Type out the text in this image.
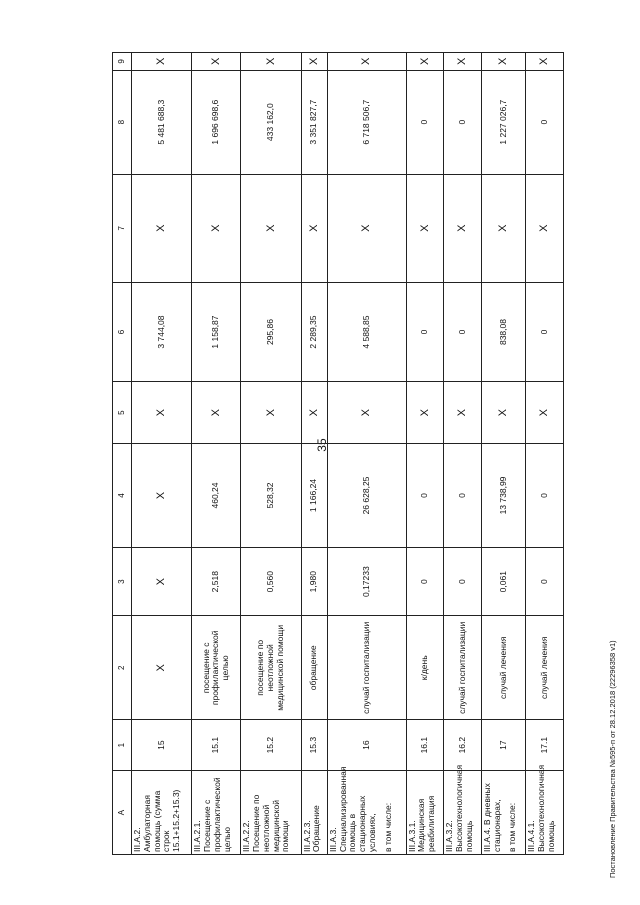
35
А	1	2	3	4	5	6	7	8	9
III.А.2. Амбулаторная помощь (сумма строк 15.1+15.2+15.3)	15	Х	Х	Х	Х	3 744,08	Х	5 481 688,3	Х
III.А.2.1. Посещение с профилактической целью	15.1	посещение с профилактической целью	2,518	460,24	Х	1 158,87	Х	1 696 698,6	Х
III.А.2.2. Посещение по неотложной медицинской помощи	15.2	посещение по неотложной медицинской помощи	0,560	528,32	Х	295,86	Х	433 162,0	Х
III.А.2.3. Обращение	15.3	обращение	1,980	1 166,24	Х	2 289,35	Х	3 351 827,7	Х
III.А.3. Специализированная помощь в стационарных условиях, в том числе:	16	случай госпитализации	0,17233	26 628,25	Х	4 588,85	Х	6 718 506,7	Х
III.А.3.1. Медицинская реабилитация	16.1	к/день	0	0	Х	0	Х	0	Х
III.А.3.2. Высокотехнологичная помощь	16.2	случай госпитализации	0	0	Х	0	Х	0	Х
III.А.4. В дневных стационарах, в том числе:	17	случай лечения	0,061	13 738,99	Х	838,08	Х	1 227 026,7	Х
III.А.4.1. Высокотехнологичная помощь	17.1	случай лечения	0	0	Х	0	Х	0	Х
Постановление Правительства №595-п от 28.12.2018 (22296358 v1)
